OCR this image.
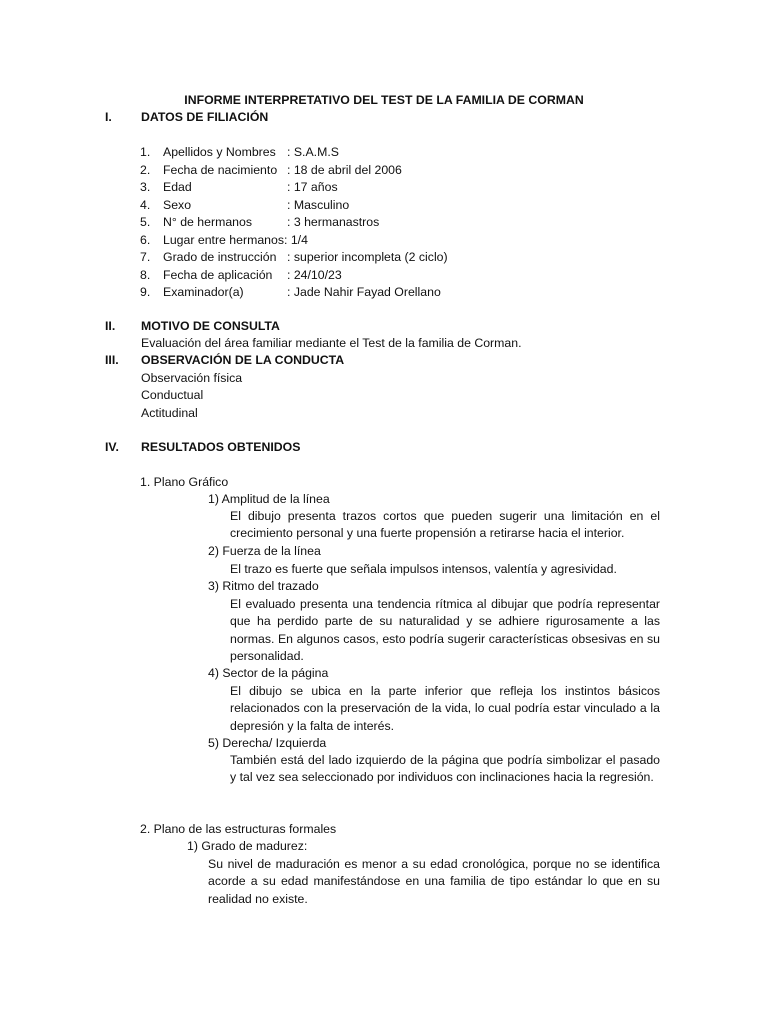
INFORME INTERPRETATIVO DEL TEST DE LA FAMILIA DE CORMAN
I.	DATOS DE FILIACIÓN
1. Apellidos y Nombres : S.A.M.S
2. Fecha de nacimiento : 18 de abril del 2006
3. Edad	: 17 años
4. Sexo	: Masculino
5. N° de hermanos	: 3 hermanastros
6. Lugar entre hermanos: 1/4
7. Grado de instrucción : superior incompleta (2 ciclo)
8. Fecha de aplicación : 24/10/23
9. Examinador(a)	: Jade Nahir Fayad Orellano
II.	MOTIVO DE CONSULTA
Evaluación del área familiar mediante el Test de la familia de Corman.
III.	OBSERVACIÓN DE LA CONDUCTA
Observación física
Conductual
Actitudinal
IV.	RESULTADOS OBTENIDOS
1. Plano Gráfico
1) Amplitud de la línea
El dibujo presenta trazos cortos que pueden sugerir una limitación en el crecimiento personal y una fuerte propensión a retirarse hacia el interior.
2) Fuerza de la línea
El trazo es fuerte que señala impulsos intensos, valentía y agresividad.
3) Ritmo del trazado
El evaluado presenta una tendencia rítmica al dibujar que podría representar que ha perdido parte de su naturalidad y se adhiere rigurosamente a las normas. En algunos casos, esto podría sugerir características obsesivas en su personalidad.
4) Sector de la página
El dibujo se ubica en la parte inferior que refleja los instintos básicos relacionados con la preservación de la vida, lo cual podría estar vinculado a la depresión y la falta de interés.
5) Derecha/ Izquierda
También está del lado izquierdo de la página que podría simbolizar el pasado y tal vez sea seleccionado por individuos con inclinaciones hacia la regresión.
2. Plano de las estructuras formales
1) Grado de madurez:
Su nivel de maduración es menor a su edad cronológica, porque no se identifica acorde a su edad manifestándose en una familia de tipo estándar lo que en su realidad no existe.
